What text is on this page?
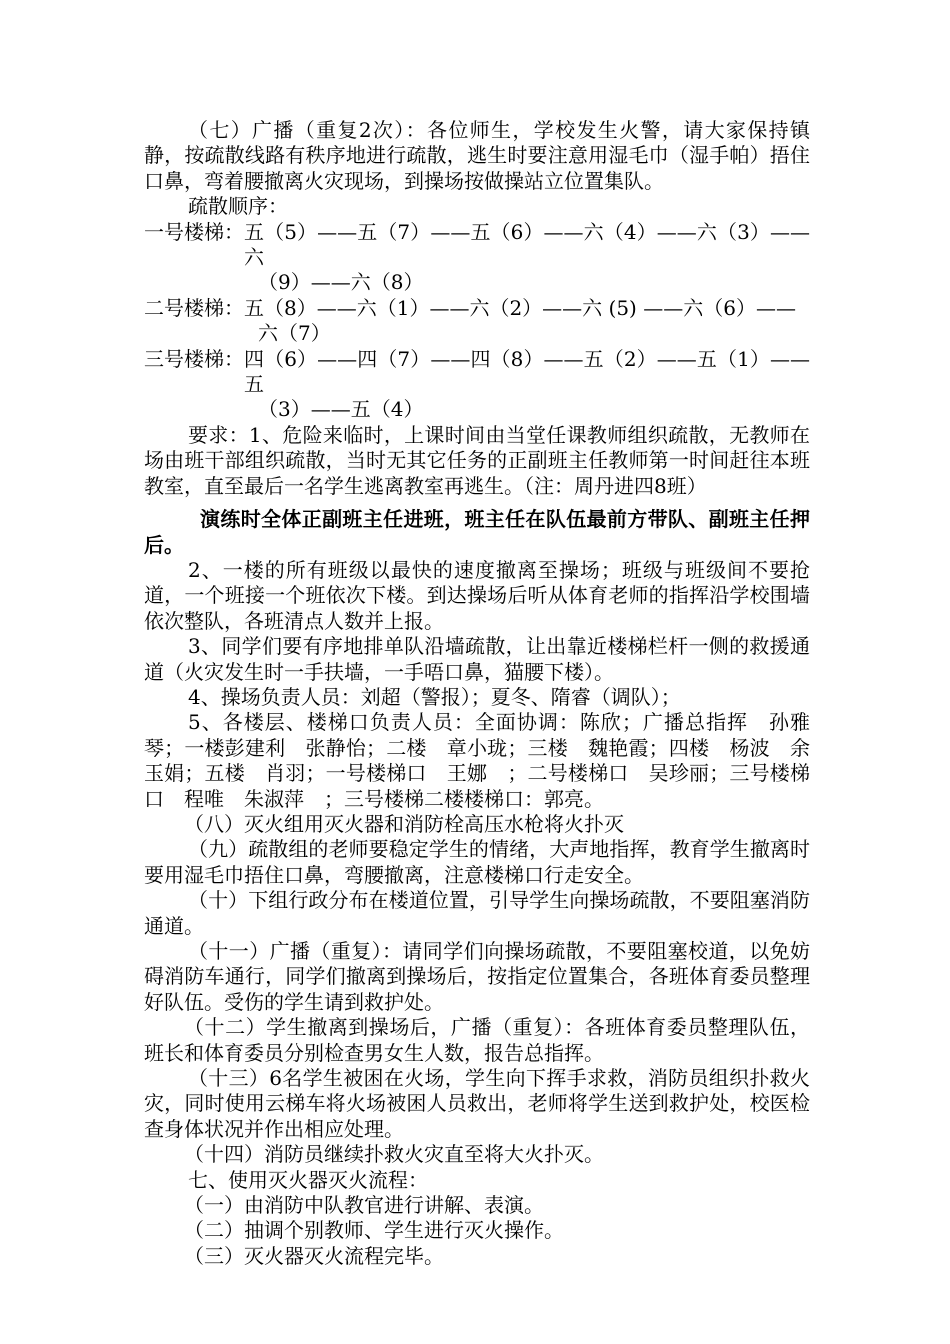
（七）广播（重复2次）：各位师生，学校发生火警，请大家保持镇静，按疏散线路有秩序地进行疏散，逃生时要注意用湿毛巾（湿手帕）捂住口鼻，弯着腰撤离火灾现场，到操场按做操站立位置集队。

疏散顺序：

一号楼梯： 五（5）——五（7）——五（6）——六（4）——六（3）——六
（9）——六（8）
二号楼梯： 五（8）——六（1）——六（2）——六 (5) ——六（6）——
六（7）
三号楼梯： 四（6）——四（7）——四（8）——五（2）——五（1）——五
（3）——五（4）

要求：1、危险来临时，上课时间由当堂任课教师组织疏散，无教师在场由班干部组织疏散，当时无其它任务的正副班主任教师第一时间赶往本班教室，直至最后一名学生逃离教室再逃生。（注：周丹进四8班）

演练时全体正副班主任进班，班主任在队伍最前方带队、副班主任押后。

2、一楼的所有班级以最快的速度撤离至操场；班级与班级间不要抢道，一个班接一个班依次下楼。到达操场后听从体育老师的指挥沿学校围墙依次整队，各班清点人数并上报。

3、同学们要有序地排单队沿墙疏散，让出靠近楼梯栏杆一侧的救援通道（火灾发生时一手扶墙，一手唔口鼻，猫腰下楼）。

4、操场负责人员：刘超（警报）；夏冬、隋睿（调队）；

5、各楼层、楼梯口负责人员：全面协调：陈欣；广播总指挥　孙雅琴；一楼彭建利　张静怡；二楼　章小珑；三楼　魏艳霞；四楼　杨波　余玉娟；五楼　肖羽；一号楼梯口　王娜　；二号楼梯口　吴珍丽；三号楼梯口　程唯　朱淑萍　；三号楼梯二楼楼梯口：郭亮。

（八）灭火组用灭火器和消防栓高压水枪将火扑灭

（九）疏散组的老师要稳定学生的情绪，大声地指挥，教育学生撤离时要用湿毛巾捂住口鼻，弯腰撤离，注意楼梯口行走安全。

（十）下组行政分布在楼道位置，引导学生向操场疏散，不要阻塞消防通道。

（十一）广播（重复）：请同学们向操场疏散，不要阻塞校道，以免妨碍消防车通行，同学们撤离到操场后，按指定位置集合，各班体育委员整理好队伍。受伤的学生请到救护处。

（十二）学生撤离到操场后，广播（重复）：各班体育委员整理队伍，班长和体育委员分别检查男女生人数，报告总指挥。

（十三）6名学生被困在火场，学生向下挥手求救，消防员组织扑救火灾，同时使用云梯车将火场被困人员救出，老师将学生送到救护处，校医检查身体状况并作出相应处理。

（十四）消防员继续扑救火灾直至将大火扑灭。

七、使用灭火器灭火流程：

（一）由消防中队教官进行讲解、表演。

（二）抽调个别教师、学生进行灭火操作。

（三）灭火器灭火流程完毕。
